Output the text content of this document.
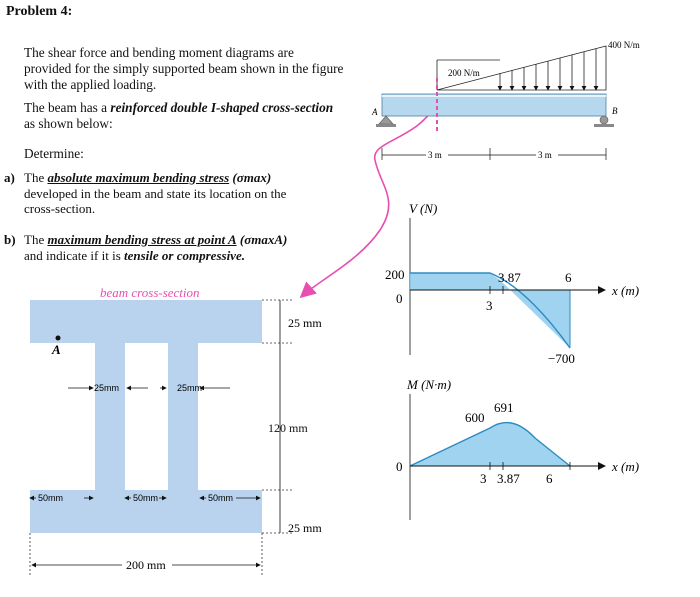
Problem 4:
The shear force and bending moment diagrams are provided for the simply supported beam shown in the figure with the applied loading.
The beam has a reinforced double I-shaped cross-section as shown below:
Determine:
a) The absolute maximum bending stress (σmax)
developed in the beam and state its location on the
cross-section.
b) The maximum bending stress at point A (σmaxA)
and indicate if it is tensile or compressive.
beam cross-section
A
25 mm
120 mm
25 mm
200 mm
25mm	25mm
50mm	50mm	50mm
200 N/m
400 N/m
A	B
3 m	3 m
V (N)
200
0
3.87
3
6
x (m)
−700
M (N·m)
0
600
691
3 3.87 6
x (m)
